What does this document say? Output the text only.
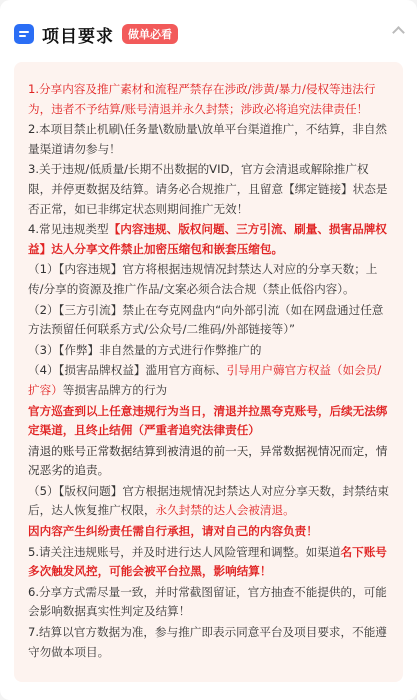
项目要求	做单必看

1.分享内容及推广素材和流程严禁存在涉政/涉黄/暴力/侵权等违法行为，违者不予结算/账号清退并永久封禁；涉政必将追究法律责任！

2.本项目禁止机刷\任务量\数励量\放单平台渠道推广，不结算，非自然量渠道请勿参与！

3.关于违规/低质量/长期不出数据的VID，官方会清退或解除推广权限，并停更数据及结算。请务必合规推广，且留意【绑定链接】状态是否正常，如已非绑定状态则期间推广无效！

4.常见违规类型【内容违规、版权问题、三方引流、刷量、损害品牌权益】达人分享文件禁止加密压缩包和嵌套压缩包。

（1）【内容违规】官方将根据违规情况封禁达人对应的分享天数；上传/分享的资源及推广作品/文案必须合法合规（禁止低俗内容）。

（2）【三方引流】禁止在夸克网盘内“向外部引流（如在网盘通过任意方法预留任何联系方式/公众号/二维码/外部链接等）”

（3）【作弊】非自然量的方式进行作弊推广的

（4）【损害品牌权益】滥用官方商标、引导用户薅官方权益（如会员/扩容）等损害品牌方的行为

官方巡查到以上任意违规行为当日，清退并拉黑夸克账号，后续无法绑定渠道，且终止结佣（严重者追究法律责任）

清退的账号正常数据结算到被清退的前一天，异常数据视情况而定，情况恶劣的追责。

（5）【版权问题】官方根据违规情况封禁达人对应分享天数，封禁结束后，达人恢复推广权限，永久封禁的达人会被清退。

因内容产生纠纷责任需自行承担，请对自己的内容负责！

5.请关注违规账号，并及时进行达人风险管理和调整。如渠道名下账号多次触发风控，可能会被平台拉黑，影响结算！

6.分享方式需尽量一致，并时常截图留证，官方抽查不能提供的，可能会影响数据真实性判定及结算！

7.结算以官方数据为准，参与推广即表示同意平台及项目要求，不能遵守勿做本项目。
